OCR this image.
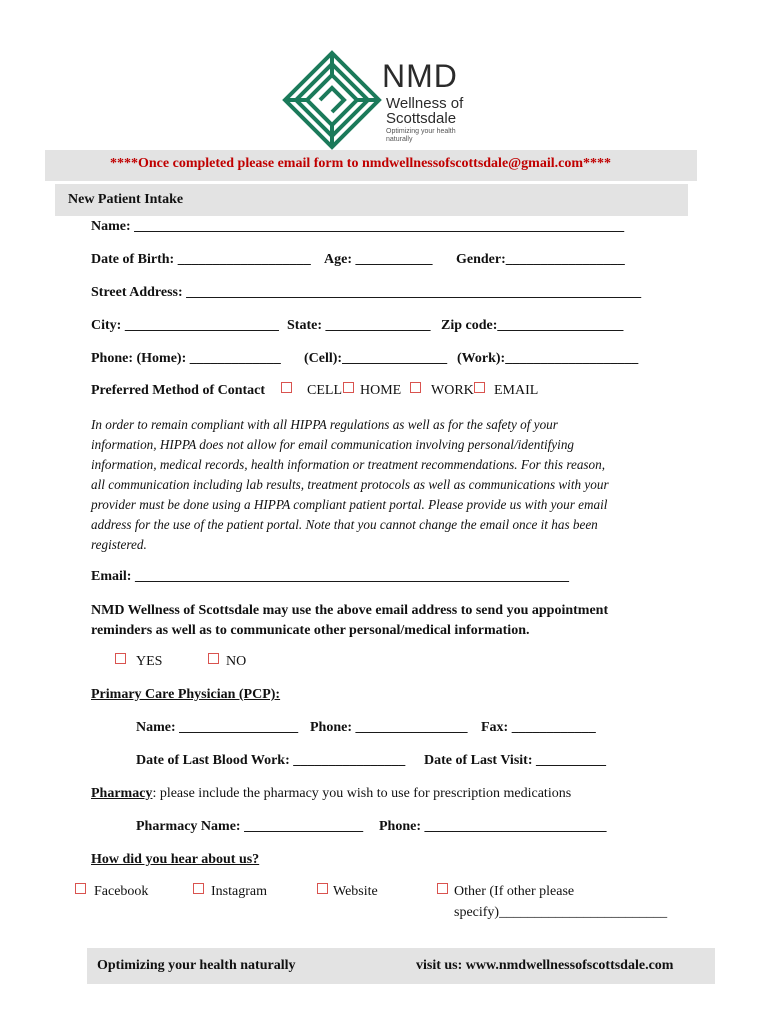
NMD
Wellness of
Scottsdale
Optimizing your health naturally
****Once completed please email form to nmdwellnessofscottsdale@gmail.com****
New Patient Intake
Name: ______________________________________________________________________
Date of Birth: ___________________ Age: ___________ Gender:_________________
Street Address: _________________________________________________________________
City: ______________________ State: _______________ Zip code:__________________
Phone: (Home): _____________ (Cell):_______________ (Work):___________________
Preferred Method of Contact	CELL HOME WORK EMAIL
In order to remain compliant with all HIPPA regulations as well as for the safety of your
information, HIPPA does not allow for email communication involving personal/identifying
information, medical records, health information or treatment recommendations. For this reason,
all communication including lab results, treatment protocols as well as communications with your
provider must be done using a HIPPA compliant patient portal. Please provide us with your email
address for the use of the patient portal. Note that you cannot change the email once it has been
registered.
Email: ______________________________________________________________
NMD Wellness of Scottsdale may use the above email address to send you appointment
reminders as well as to communicate other personal/medical information.
YES	NO
Primary Care Physician (PCP):
Name: _________________ Phone: ________________ Fax: ____________
Date of Last Blood Work: ________________ Date of Last Visit: __________
Pharmacy: please include the pharmacy you wish to use for prescription medications
Pharmacy Name: _________________ Phone: __________________________
How did you hear about us?
Facebook	Instagram	Website	Other (If other please
specify)________________________
Optimizing your health naturally	visit us: www.nmdwellnessofscottsdale.com
